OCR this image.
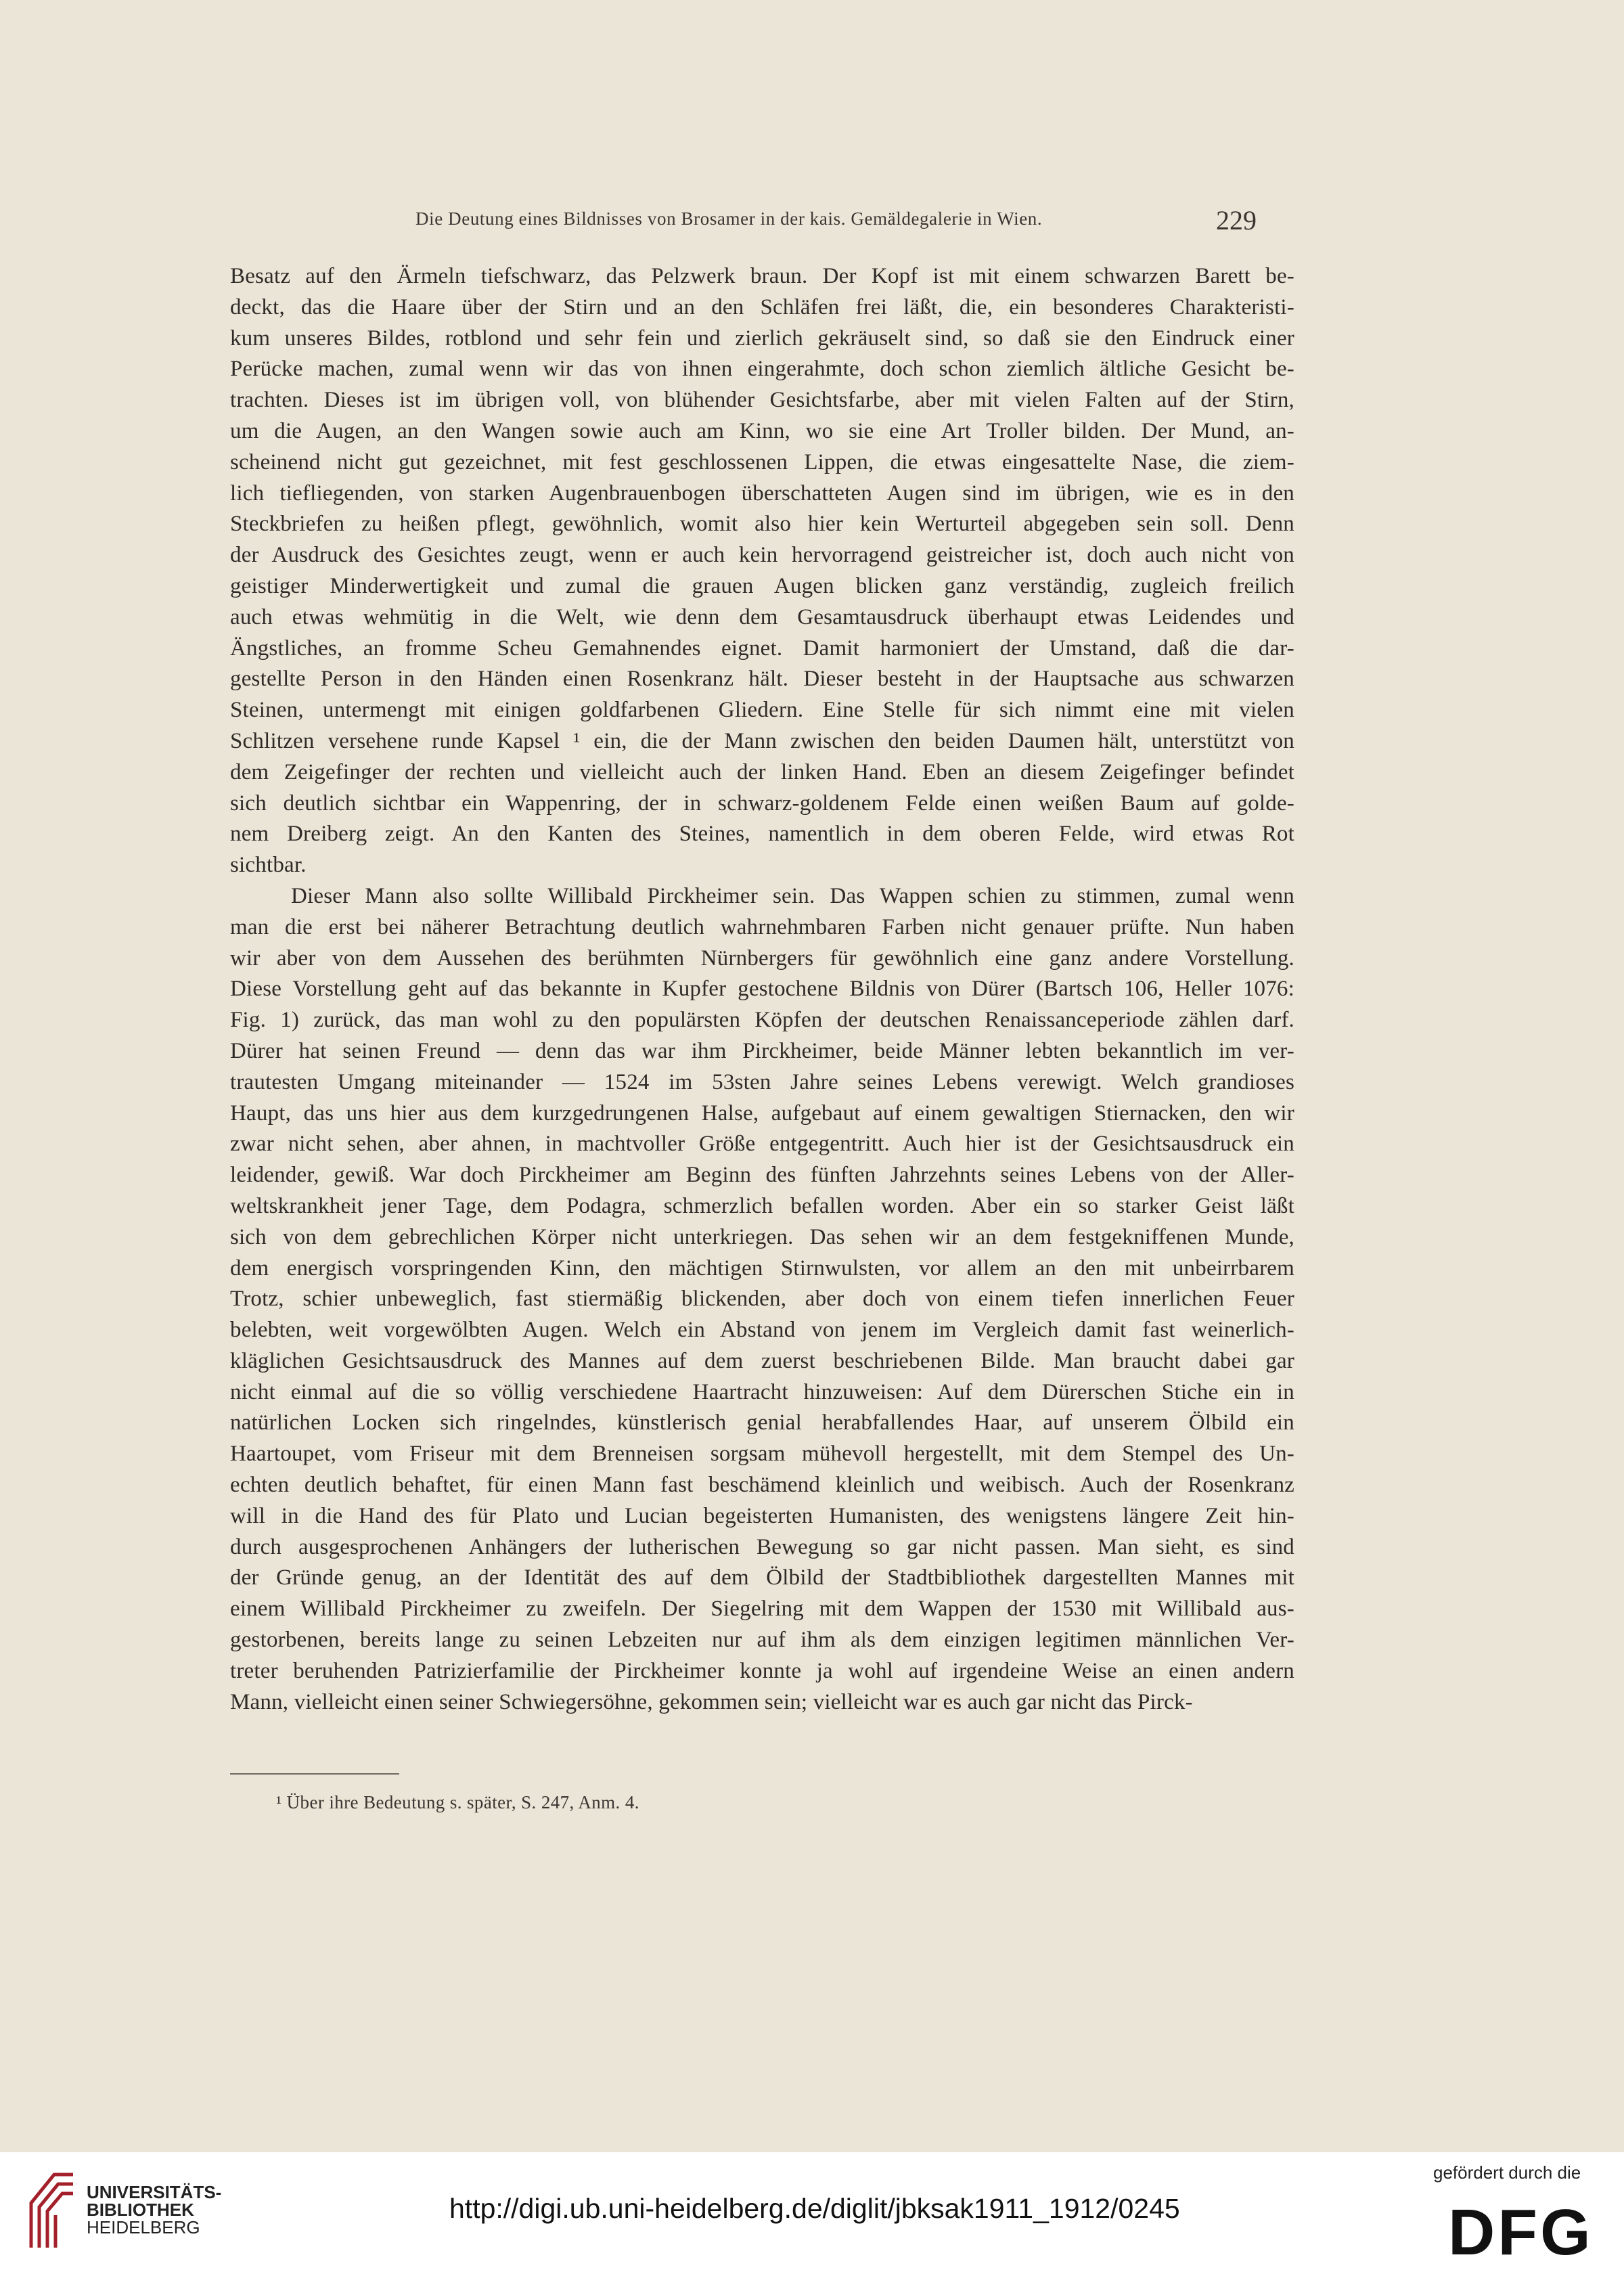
Die Deutung eines Bildnisses von Brosamer in der kais. Gemäldegalerie in Wien.	229
Besatz auf den Ärmeln tiefschwarz, das Pelzwerk braun. Der Kopf ist mit einem schwarzen Barett be-
deckt, das die Haare über der Stirn und an den Schläfen frei läßt, die, ein besonderes Charakteristi-
kum unseres Bildes, rotblond und sehr fein und zierlich gekräuselt sind, so daß sie den Eindruck einer
Perücke machen, zumal wenn wir das von ihnen eingerahmte, doch schon ziemlich ältliche Gesicht be-
trachten. Dieses ist im übrigen voll, von blühender Gesichtsfarbe, aber mit vielen Falten auf der Stirn,
um die Augen, an den Wangen sowie auch am Kinn, wo sie eine Art Troller bilden. Der Mund, an-
scheinend nicht gut gezeichnet, mit fest geschlossenen Lippen, die etwas eingesattelte Nase, die ziem-
lich tiefliegenden, von starken Augenbrauenbogen überschatteten Augen sind im übrigen, wie es in den
Steckbriefen zu heißen pflegt, gewöhnlich, womit also hier kein Werturteil abgegeben sein soll. Denn
der Ausdruck des Gesichtes zeugt, wenn er auch kein hervorragend geistreicher ist, doch auch nicht von
geistiger Minderwertigkeit und zumal die grauen Augen blicken ganz verständig, zugleich freilich
auch etwas wehmütig in die Welt, wie denn dem Gesamtausdruck überhaupt etwas Leidendes und
Ängstliches, an fromme Scheu Gemahnendes eignet. Damit harmoniert der Umstand, daß die dar-
gestellte Person in den Händen einen Rosenkranz hält. Dieser besteht in der Hauptsache aus schwarzen
Steinen, untermengt mit einigen goldfarbenen Gliedern. Eine Stelle für sich nimmt eine mit vielen
Schlitzen versehene runde Kapsel ¹ ein, die der Mann zwischen den beiden Daumen hält, unterstützt von
dem Zeigefinger der rechten und vielleicht auch der linken Hand. Eben an diesem Zeigefinger befindet
sich deutlich sichtbar ein Wappenring, der in schwarz-goldenem Felde einen weißen Baum auf golde-
nem Dreiberg zeigt. An den Kanten des Steines, namentlich in dem oberen Felde, wird etwas Rot
sichtbar.
Dieser Mann also sollte Willibald Pirckheimer sein. Das Wappen schien zu stimmen, zumal wenn
man die erst bei näherer Betrachtung deutlich wahrnehmbaren Farben nicht genauer prüfte. Nun haben
wir aber von dem Aussehen des berühmten Nürnbergers für gewöhnlich eine ganz andere Vorstellung.
Diese Vorstellung geht auf das bekannte in Kupfer gestochene Bildnis von Dürer (Bartsch 106, Heller 1076:
Fig. 1) zurück, das man wohl zu den populärsten Köpfen der deutschen Renaissanceperiode zählen darf.
Dürer hat seinen Freund — denn das war ihm Pirckheimer, beide Männer lebten bekanntlich im ver-
trautesten Umgang miteinander — 1524 im 53sten Jahre seines Lebens verewigt. Welch grandioses
Haupt, das uns hier aus dem kurzgedrungenen Halse, aufgebaut auf einem gewaltigen Stiernacken, den wir
zwar nicht sehen, aber ahnen, in machtvoller Größe entgegentritt. Auch hier ist der Gesichtsausdruck ein
leidender, gewiß. War doch Pirckheimer am Beginn des fünften Jahrzehnts seines Lebens von der Aller-
weltskrankheit jener Tage, dem Podagra, schmerzlich befallen worden. Aber ein so starker Geist läßt
sich von dem gebrechlichen Körper nicht unterkriegen. Das sehen wir an dem festgekniffenen Munde,
dem energisch vorspringenden Kinn, den mächtigen Stirnwulsten, vor allem an den mit unbeirrbarem
Trotz, schier unbeweglich, fast stiermäßig blickenden, aber doch von einem tiefen innerlichen Feuer
belebten, weit vorgewölbten Augen. Welch ein Abstand von jenem im Vergleich damit fast weinerlich-
kläglichen Gesichtsausdruck des Mannes auf dem zuerst beschriebenen Bilde. Man braucht dabei gar
nicht einmal auf die so völlig verschiedene Haartracht hinzuweisen: Auf dem Dürerschen Stiche ein in
natürlichen Locken sich ringelndes, künstlerisch genial herabfallendes Haar, auf unserem Ölbild ein
Haartoupet, vom Friseur mit dem Brenneisen sorgsam mühevoll hergestellt, mit dem Stempel des Un-
echten deutlich behaftet, für einen Mann fast beschämend kleinlich und weibisch. Auch der Rosenkranz
will in die Hand des für Plato und Lucian begeisterten Humanisten, des wenigstens längere Zeit hin-
durch ausgesprochenen Anhängers der lutherischen Bewegung so gar nicht passen. Man sieht, es sind
der Gründe genug, an der Identität des auf dem Ölbild der Stadtbibliothek dargestellten Mannes mit
einem Willibald Pirckheimer zu zweifeln. Der Siegelring mit dem Wappen der 1530 mit Willibald aus-
gestorbenen, bereits lange zu seinen Lebzeiten nur auf ihm als dem einzigen legitimen männlichen Ver-
treter beruhenden Patrizierfamilie der Pirckheimer konnte ja wohl auf irgendeine Weise an einen andern
Mann, vielleicht einen seiner Schwiegersöhne, gekommen sein; vielleicht war es auch gar nicht das Pirck-
¹ Über ihre Bedeutung s. später, S. 247, Anm. 4.
UNIVERSITÄTS-
BIBLIOTHEK
HEIDELBERG
http://digi.ub.uni-heidelberg.de/diglit/jbksak1911_1912/0245
gefördert durch die
DFG
